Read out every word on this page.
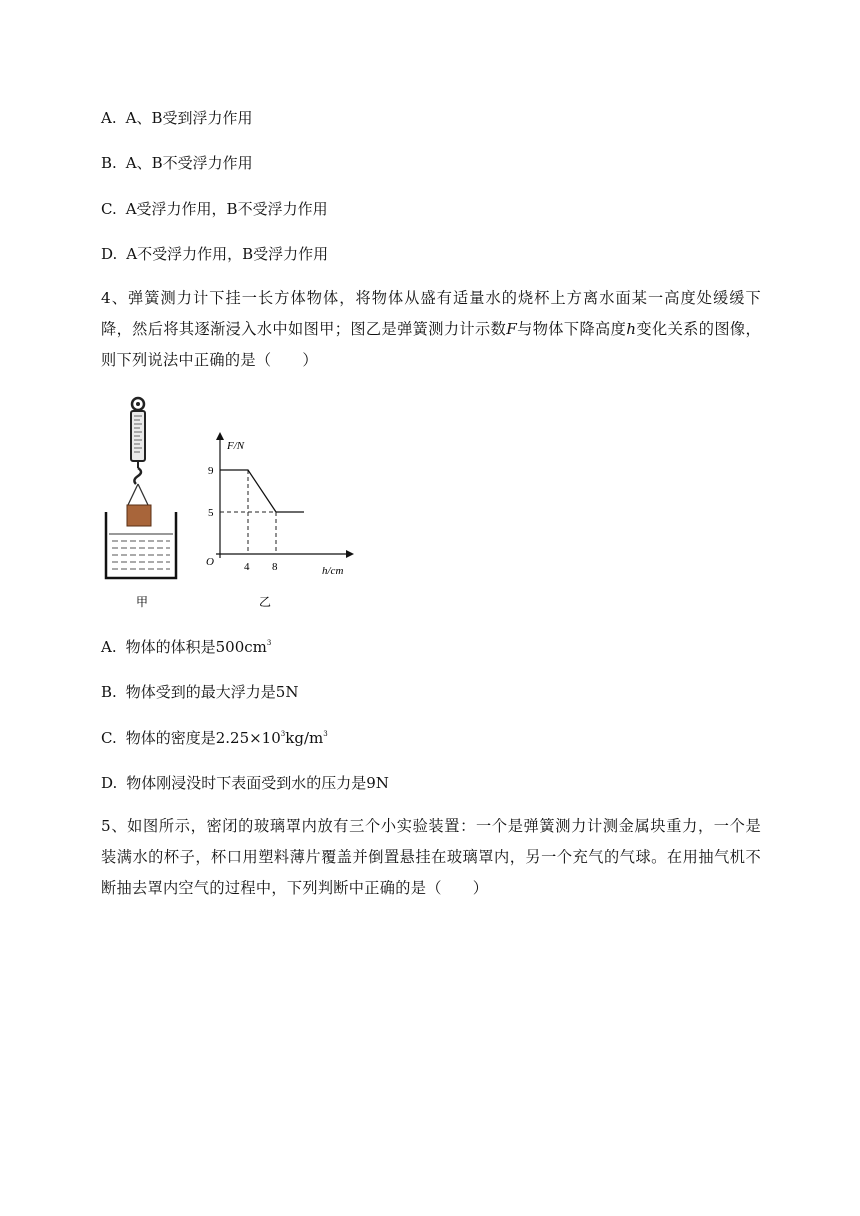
A. A、B受到浮力作用
B. A、B不受浮力作用
C. A受浮力作用，B不受浮力作用
D. A不受浮力作用，B受浮力作用
4、弹簧测力计下挂一长方体物体，将物体从盛有适量水的烧杯上方离水面某一高度处缓缓下降，然后将其逐渐浸入水中如图甲；图乙是弹簧测力计示数F与物体下降高度h变化关系的图像，则下列说法中正确的是（　　）
F/N
h/cm
O
9
5
4 8
甲	乙
A. 物体的体积是$500cm^3$
B. 物体受到的最大浮力是5N
C. 物体的密度是$2.25\times 10^3kg/m^3$
D. 物体刚浸没时下表面受到水的压力是9N
5、如图所示，密闭的玻璃罩内放有三个小实验装置：一个是弹簧测力计测金属块重力，一个是装满水的杯子，杯口用塑料薄片覆盖并倒置悬挂在玻璃罩内，另一个充气的气球。在用抽气机不断抽去罩内空气的过程中，下列判断中正确的是（　　）
